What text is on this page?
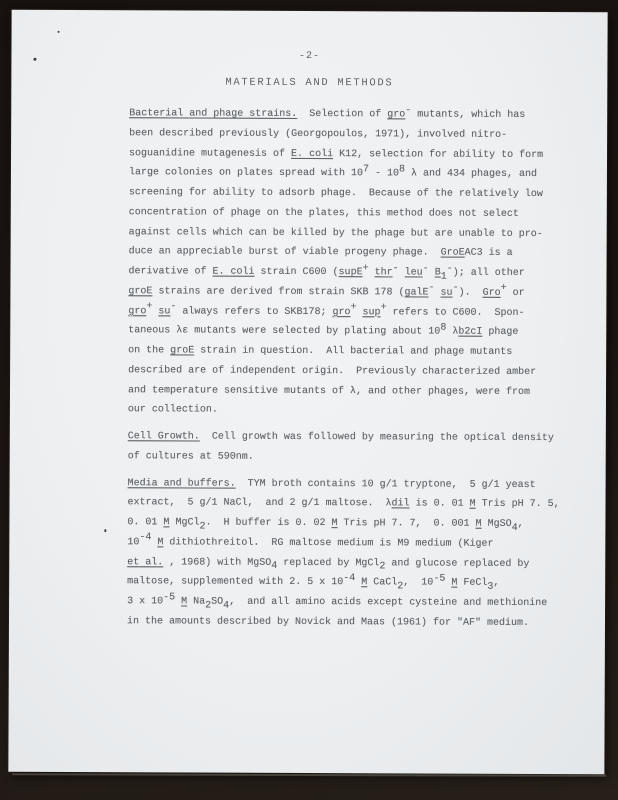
-2-
MATERIALS AND METHODS
Bacterial and phage strains.  Selection of gro- mutants, which has
been described previously (Georgopoulos, 1971), involved nitro-
soguanidine mutagenesis of E. coli K12, selection for ability to form
large colonies on plates spread with 107 - 108 λ and 434 phages, and
screening for ability to adsorb phage.  Because of the relatively low
concentration of phage on the plates, this method does not select
against cells which can be killed by the phage but are unable to pro-
duce an appreciable burst of viable progeny phage.  GroEAC3 is a
derivative of E. coli strain C600 (supE+ thr- leu- B1-); all other
groE strains are derived from strain SKB 178 (galE- su-).  Gro+ or
gro+ su- always refers to SKB178; gro+ sup+ refers to C600.  Spon-
taneous λε mutants were selected by plating about 108 λb2cI phage
on the groE strain in question.  All bacterial and phage mutants
described are of independent origin.  Previously characterized amber
and temperature sensitive mutants of λ, and other phages, were from
our collection.
Cell Growth.  Cell growth was followed by measuring the optical density
of cultures at 590nm.
Media and buffers.  TYM broth contains 10 g/1 tryptone,  5 g/1 yeast
extract,  5 g/1 NaCl,  and 2 g/1 maltose.  λdil is 0. 01 M Tris pH 7. 5,
0. 01 M MgCl2.  H buffer is 0. 02 M Tris pH 7. 7,  0. 001 M MgSO4,
10-4 M dithiothreitol.  RG maltose medium is M9 medium (Kiger
et al. , 1968) with MgSO4 replaced by MgCl2 and glucose replaced by
maltose, supplemented with 2. 5 x 10-4 M CaCl2,  10-5 M FeCl3,
3 x 10-5 M Na2SO4,  and all amino acids except cysteine and methionine
in the amounts described by Novick and Maas (1961) for "AF" medium.
